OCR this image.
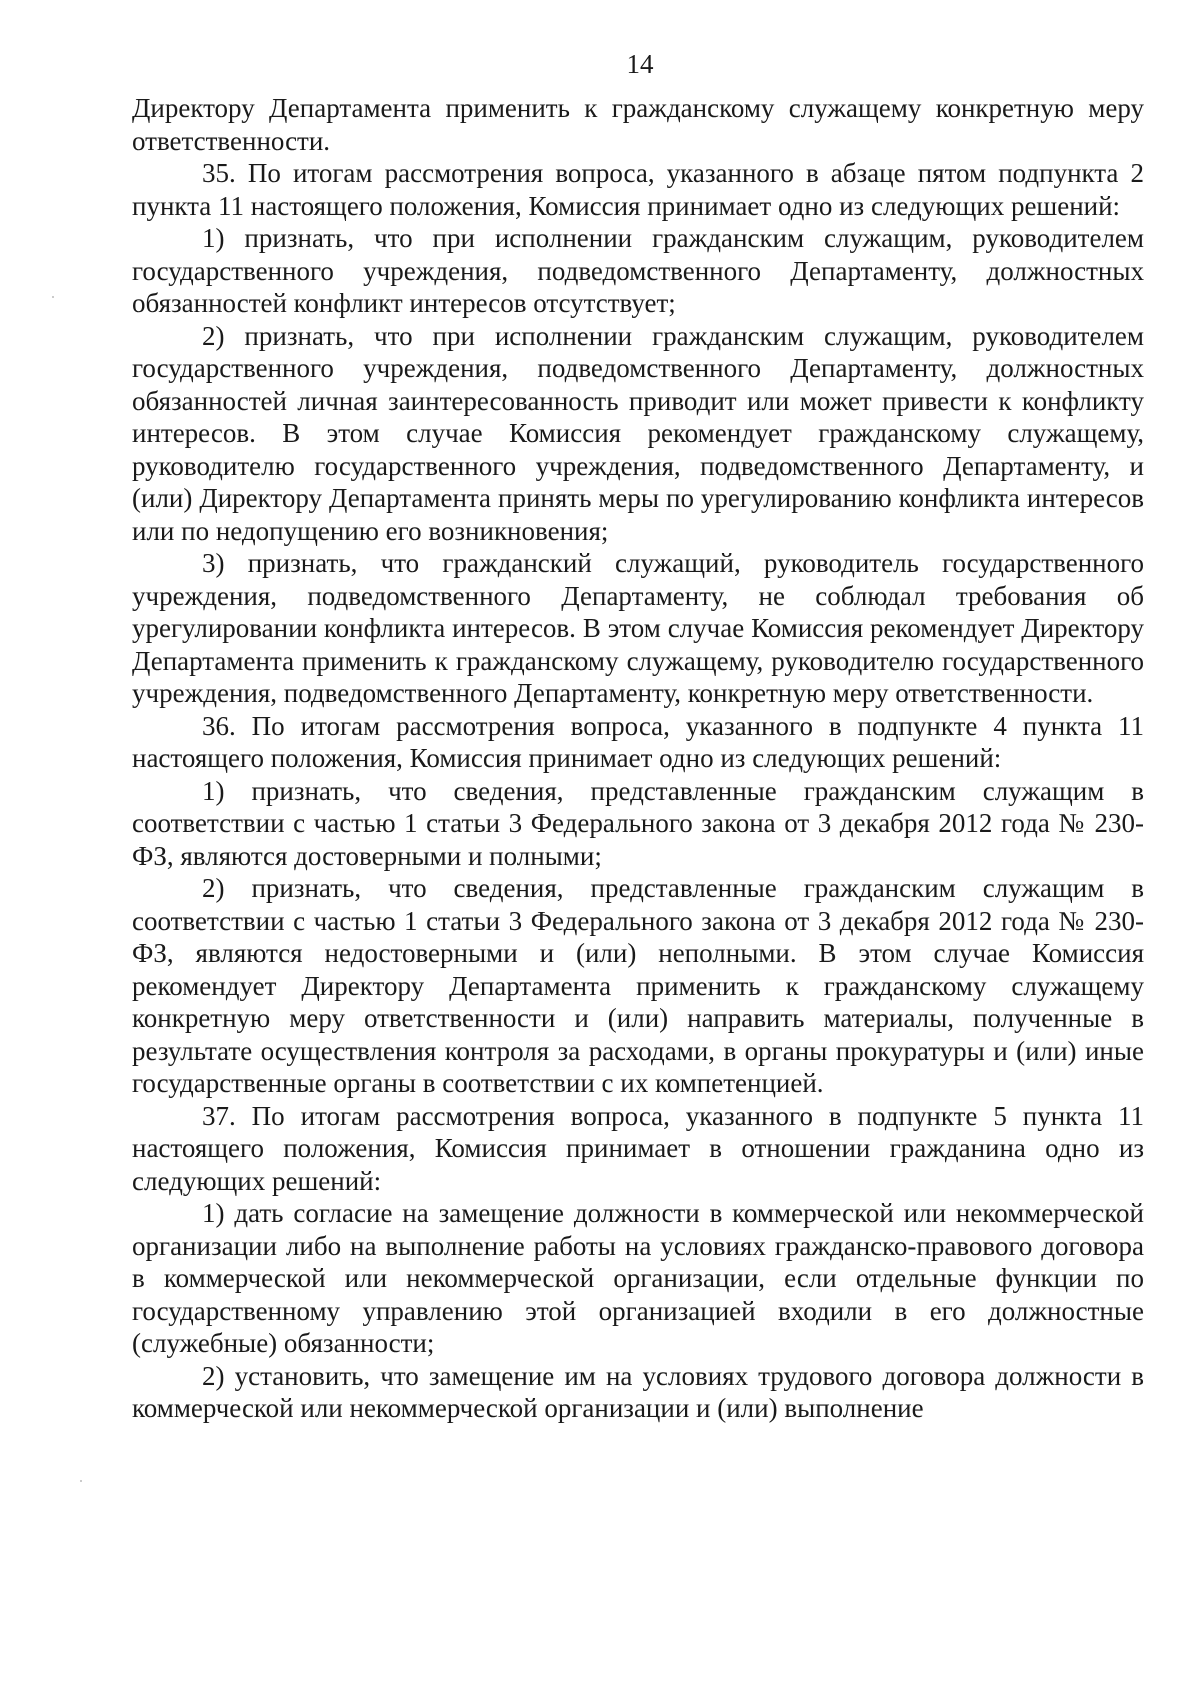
14

Директору Департамента применить к гражданскому служащему конкретную меру ответственности.

35. По итогам рассмотрения вопроса, указанного в абзаце пятом подпункта 2 пункта 11 настоящего положения, Комиссия принимает одно из следующих решений:

1) признать, что при исполнении гражданским служащим, руководителем государственного учреждения, подведомственного Департаменту, должностных обязанностей конфликт интересов отсутствует;

2) признать, что при исполнении гражданским служащим, руководителем государственного учреждения, подведомственного Департаменту, должностных обязанностей личная заинтересованность приводит или может привести к конфликту интересов. В этом случае Комиссия рекомендует гражданскому служащему, руководителю государственного учреждения, подведомственного Департаменту, и (или) Директору Департамента принять меры по урегулированию конфликта интересов или по недопущению его возникновения;

3) признать, что гражданский служащий, руководитель государственного учреждения, подведомственного Департаменту, не соблюдал требования об урегулировании конфликта интересов. В этом случае Комиссия рекомендует Директору Департамента применить к гражданскому служащему, руководителю государственного учреждения, подведомственного Департаменту, конкретную меру ответственности.

36. По итогам рассмотрения вопроса, указанного в подпункте 4 пункта 11 настоящего положения, Комиссия принимает одно из следующих решений:

1) признать, что сведения, представленные гражданским служащим в соответствии с частью 1 статьи 3 Федерального закона от 3 декабря 2012 года № 230-ФЗ, являются достоверными и полными;

2) признать, что сведения, представленные гражданским служащим в соответствии с частью 1 статьи 3 Федерального закона от 3 декабря 2012 года № 230-ФЗ, являются недостоверными и (или) неполными. В этом случае Комиссия рекомендует Директору Департамента применить к гражданскому служащему конкретную меру ответственности и (или) направить материалы, полученные в результате осуществления контроля за расходами, в органы прокуратуры и (или) иные государственные органы в соответствии с их компетенцией.

37. По итогам рассмотрения вопроса, указанного в подпункте 5 пункта 11 настоящего положения, Комиссия принимает в отношении гражданина одно из следующих решений:

1) дать согласие на замещение должности в коммерческой или некоммерческой организации либо на выполнение работы на условиях гражданско-правового договора в коммерческой или некоммерческой организации, если отдельные функции по государственному управлению этой организацией входили в его должностные (служебные) обязанности;

2) установить, что замещение им на условиях трудового договора должности в коммерческой или некоммерческой организации и (или) выполнение
